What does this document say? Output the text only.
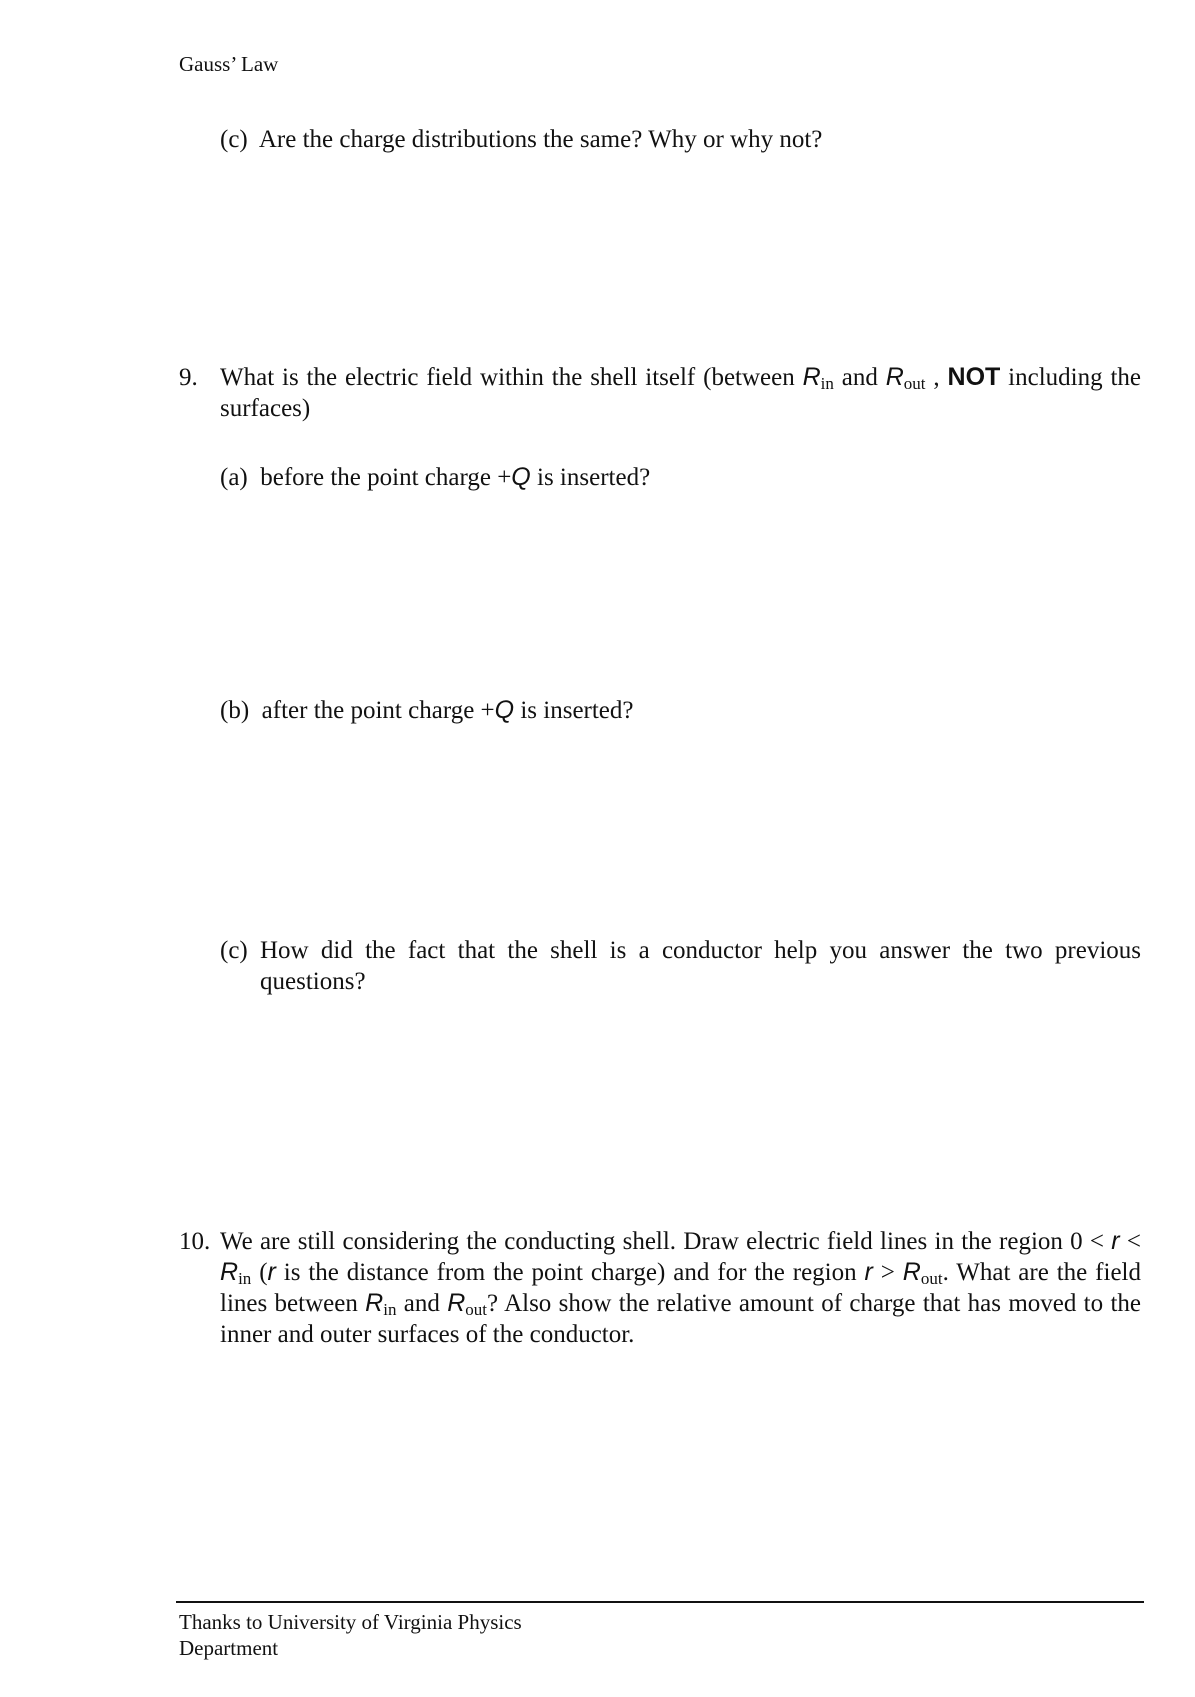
Gauss’ Law
(c) Are the charge distributions the same? Why or why not?
9. What is the electric field within the shell itself (between $R_{in}$ and $R_{out}$ , NOT including the surfaces)
(a) before the point charge +Q is inserted?
(b) after the point charge +Q is inserted?
(c) How did the fact that the shell is a conductor help you answer the two previous questions?
10. We are still considering the conducting shell. Draw electric field lines in the region $0 < r < R_{in}$ (r is the distance from the point charge) and for the region $r > R_{out}$. What are the field lines between $R_{in}$ and $R_{out}$? Also show the relative amount of charge that has moved to the inner and outer surfaces of the conductor.
Thanks to University of Virginia Physics
Department
